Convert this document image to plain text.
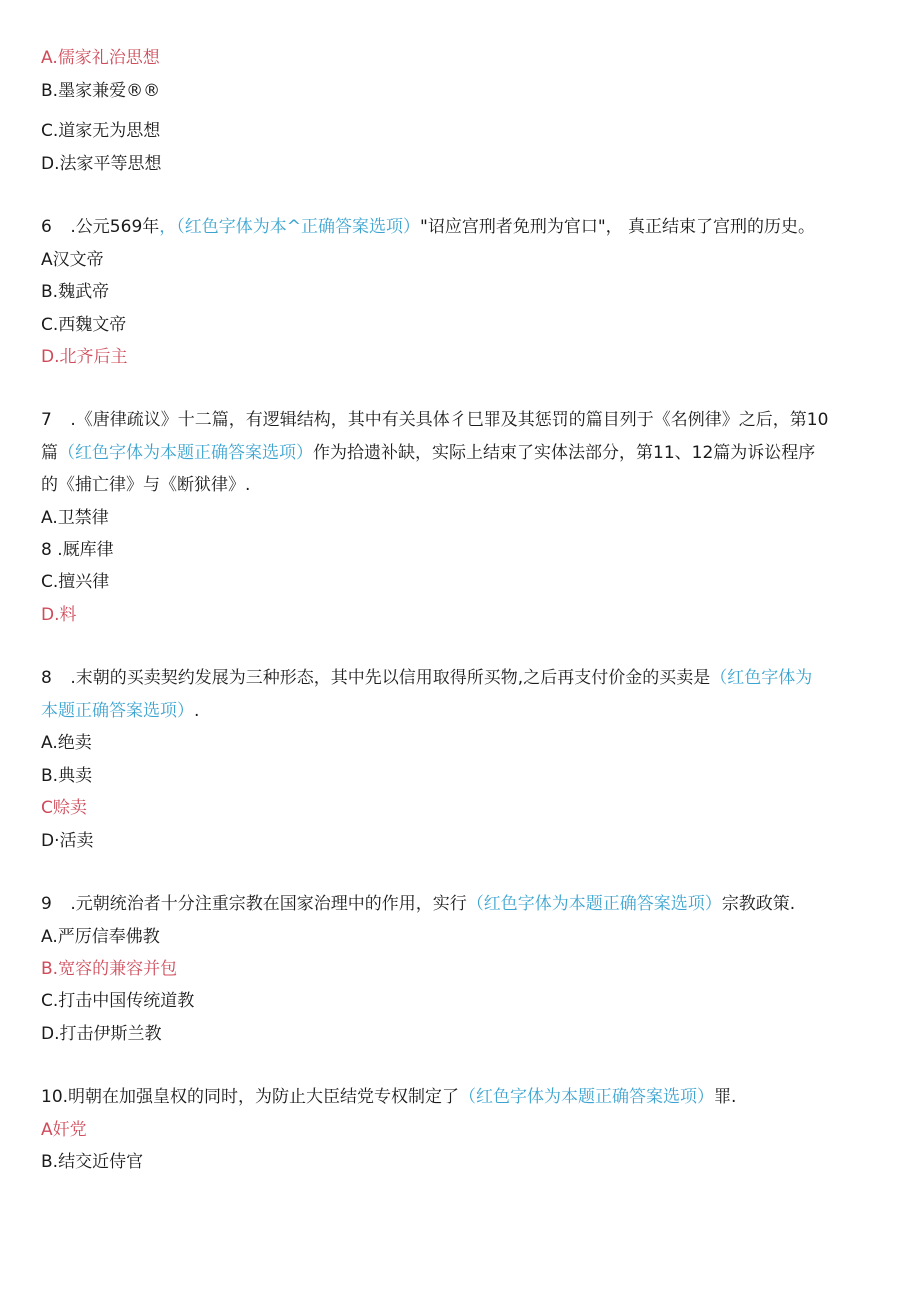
A.儒家礼治思想
B.墨家兼爱®®
C.道家无为思想
D.法家平等思想
6 .公元569年，（红色字体为本^正确答案选项）"诏应宫刑者免刑为官口"， 真正结束了宫刑的历史。
A汉文帝
B.魏武帝
C.西魏文帝
D.北齐后主
7 .《唐律疏议》十二篇，有逻辑结构，其中有关具体彳巳罪及其惩罚的篇目列于《名例律》之后，第10
篇（红色字体为本题正确答案选项）作为拾遗补缺，实际上结束了实体法部分，第11、12篇为诉讼程序
的《捕亡律》与《断狱律》.
A.卫禁律
8 .厩库律
C.擅兴律
D.料
8 .末朝的买卖契约发展为三种形态，其中先以信用取得所买物,之后再支付价金的买卖是（红色字体为
本题正确答案选项）.
A.绝卖
B.典卖
C赊卖
D·活卖
9 .元朝统治者十分注重宗教在国家治理中的作用，实行（红色字体为本题正确答案选项）宗教政策.
A.严厉信奉佛教
B.宽容的兼容并包
C.打击中国传统道教
D.打击伊斯兰教
10.明朝在加强皇权的同时，为防止大臣结党专权制定了（红色字体为本题正确答案选项）罪.
A奸党
B.结交近侍官
